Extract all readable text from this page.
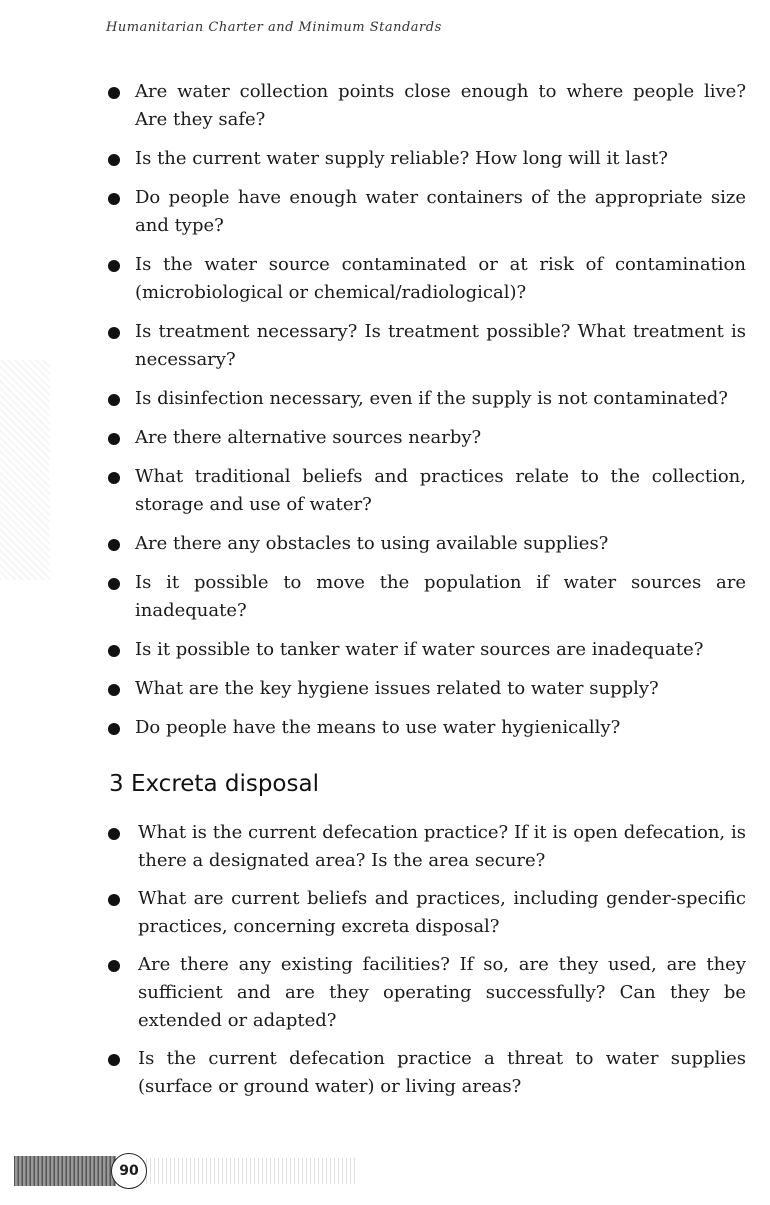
Humanitarian Charter and Minimum Standards
Are water collection points close enough to where people live? Are they safe?
Is the current water supply reliable? How long will it last?
Do people have enough water containers of the appropriate size and type?
Is the water source contaminated or at risk of contamination (microbiological or chemical/radiological)?
Is treatment necessary? Is treatment possible? What treatment is necessary?
Is disinfection necessary, even if the supply is not contaminated?
Are there alternative sources nearby?
What traditional beliefs and practices relate to the collection, storage and use of water?
Are there any obstacles to using available supplies?
Is it possible to move the population if water sources are inadequate?
Is it possible to tanker water if water sources are inadequate?
What are the key hygiene issues related to water supply?
Do people have the means to use water hygienically?
3 Excreta disposal
What is the current defecation practice? If it is open defecation, is there a designated area? Is the area secure?
What are current beliefs and practices, including gender-specific practices, concerning excreta disposal?
Are there any existing facilities? If so, are they used, are they sufficient and are they operating successfully? Can they be extended or adapted?
Is the current defecation practice a threat to water supplies (surface or ground water) or living areas?
90
